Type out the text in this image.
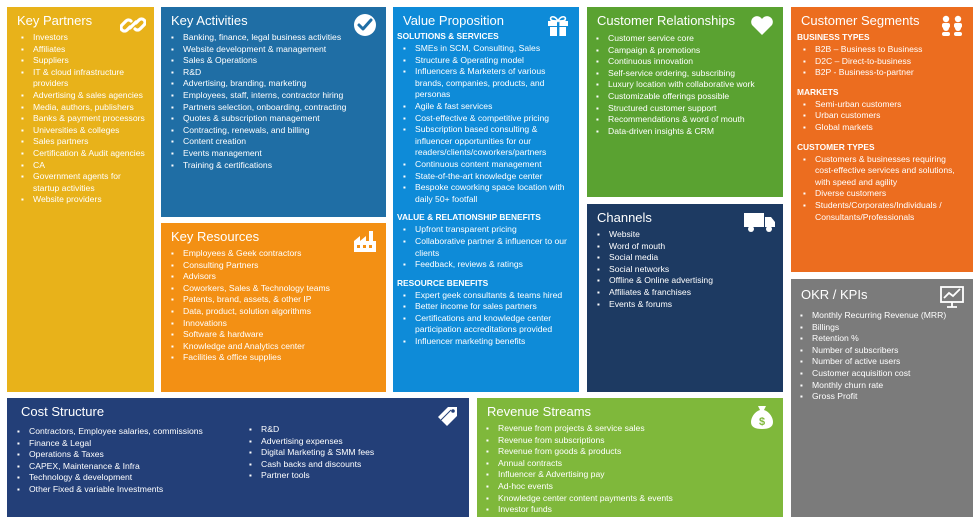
Key Partners
▪ Investors
▪ Affiliates
▪ Suppliers
▪ IT & cloud infrastructure providers
▪ Advertising & sales agencies
▪ Media, authors, publishers
▪ Banks & payment processors
▪ Universities & colleges
▪ Sales partners
▪ Certification & Audit agencies
▪ CA
▪ Government agents for startup activities
▪ Website providers
Key Activities
▪ Banking, finance, legal business activities
▪ Website development & management
▪ Sales & Operations
▪ R&D
▪ Advertising, branding, marketing
▪ Employees, staff, interns, contractor hiring
▪ Partners selection, onboarding, contracting
▪ Quotes & subscription management
▪ Contracting, renewals, and billing
▪ Content creation
▪ Events management
▪ Training & certifications
Value Proposition
SOLUTIONS & SERVICES
▪ SMEs in SCM, Consulting, Sales
▪ Structure & Operating model
▪ Influencers & Marketers of various brands, companies, products, and personas
▪ Agile & fast services
▪ Cost-effective & competitive pricing
▪ Subscription based consulting & influencer opportunities for our readers/clients/coworkers/partners
▪ Continuous content management
▪ State-of-the-art knowledge center
▪ Bespoke coworking space location with daily 50+ footfall
VALUE & RELATIONSHIP BENEFITS
▪ Upfront transparent pricing
▪ Collaborative partner & influencer to our clients
▪ Feedback, reviews & ratings
RESOURCE BENEFITS
▪ Expert geek consultants & teams hired
▪ Better income for sales partners
▪ Certifications and knowledge center participation accreditations provided
▪ Influencer marketing benefits
Customer Relationships
▪ Customer service core
▪ Campaign & promotions
▪ Continuous innovation
▪ Self-service ordering, subscribing
▪ Luxury location with collaborative work
▪ Customizable offerings possible
▪ Structured customer support
▪ Recommendations & word of mouth
▪ Data-driven insights & CRM
Customer Segments
BUSINESS TYPES
▪ B2B – Business to Business
▪ D2C – Direct-to-business
▪ B2P - Business-to-partner
MARKETS
▪ Semi-urban customers
▪ Urban customers
▪ Global markets
CUSTOMER TYPES
▪ Customers & businesses requiring cost-effective services and solutions, with speed and agility
▪ Diverse customers
▪ Students/Corporates/Individuals / Consultants/Professionals
Key Resources
▪ Employees & Geek contractors
▪ Consulting Partners
▪ Advisors
▪ Coworkers, Sales & Technology teams
▪ Patents, brand, assets, & other IP
▪ Data, product, solution algorithms
▪ Innovations
▪ Software & hardware
▪ Knowledge and Analytics center
▪ Facilities & office supplies
Channels
▪ Website
▪ Word of mouth
▪ Social media
▪ Social networks
▪ Offline & Online advertising
▪ Affiliates & franchises
▪ Events & forums
OKR / KPIs
▪ Monthly Recurring Revenue (MRR)
▪ Billings
▪ Retention %
▪ Number of subscribers
▪ Number of active users
▪ Customer acquisition cost
▪ Monthly churn rate
▪ Gross Profit
Cost Structure
▪ Contractors, Employee salaries, commissions
▪ Finance & Legal
▪ Operations & Taxes
▪ CAPEX, Maintenance & Infra
▪ Technology & development
▪ Other Fixed & variable Investments
▪ R&D
▪ Advertising expenses
▪ Digital Marketing & SMM fees
▪ Cash backs and discounts
▪ Partner tools
Revenue Streams
$
▪ Revenue from projects & service sales
▪ Revenue from subscriptions
▪ Revenue from goods & products
▪ Annual contracts
▪ Influencer & Advertising pay
▪ Ad-hoc events
▪ Knowledge center content payments & events
▪ Investor funds
